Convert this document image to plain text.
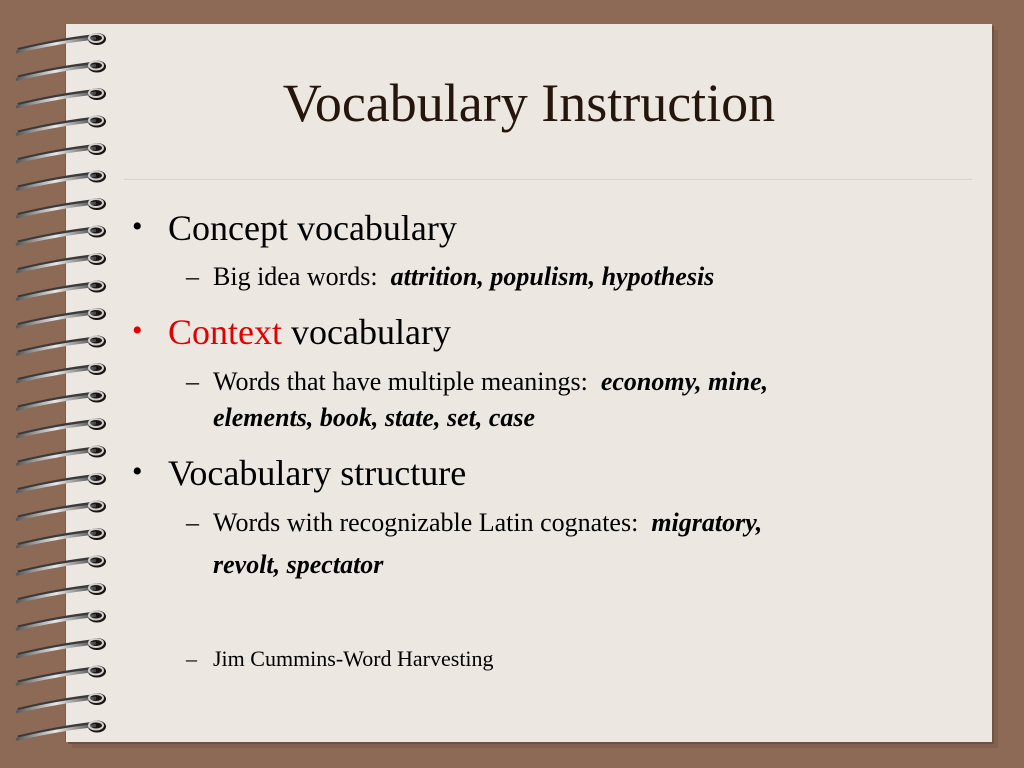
Vocabulary Instruction
• Concept vocabulary
– Big idea words: attrition, populism, hypothesis
• Context vocabulary
– Words that have multiple meanings: economy, mine,
elements, book, state, set, case
• Vocabulary structure
– Words with recognizable Latin cognates: migratory,
revolt, spectator
– Jim Cummins-Word Harvesting
